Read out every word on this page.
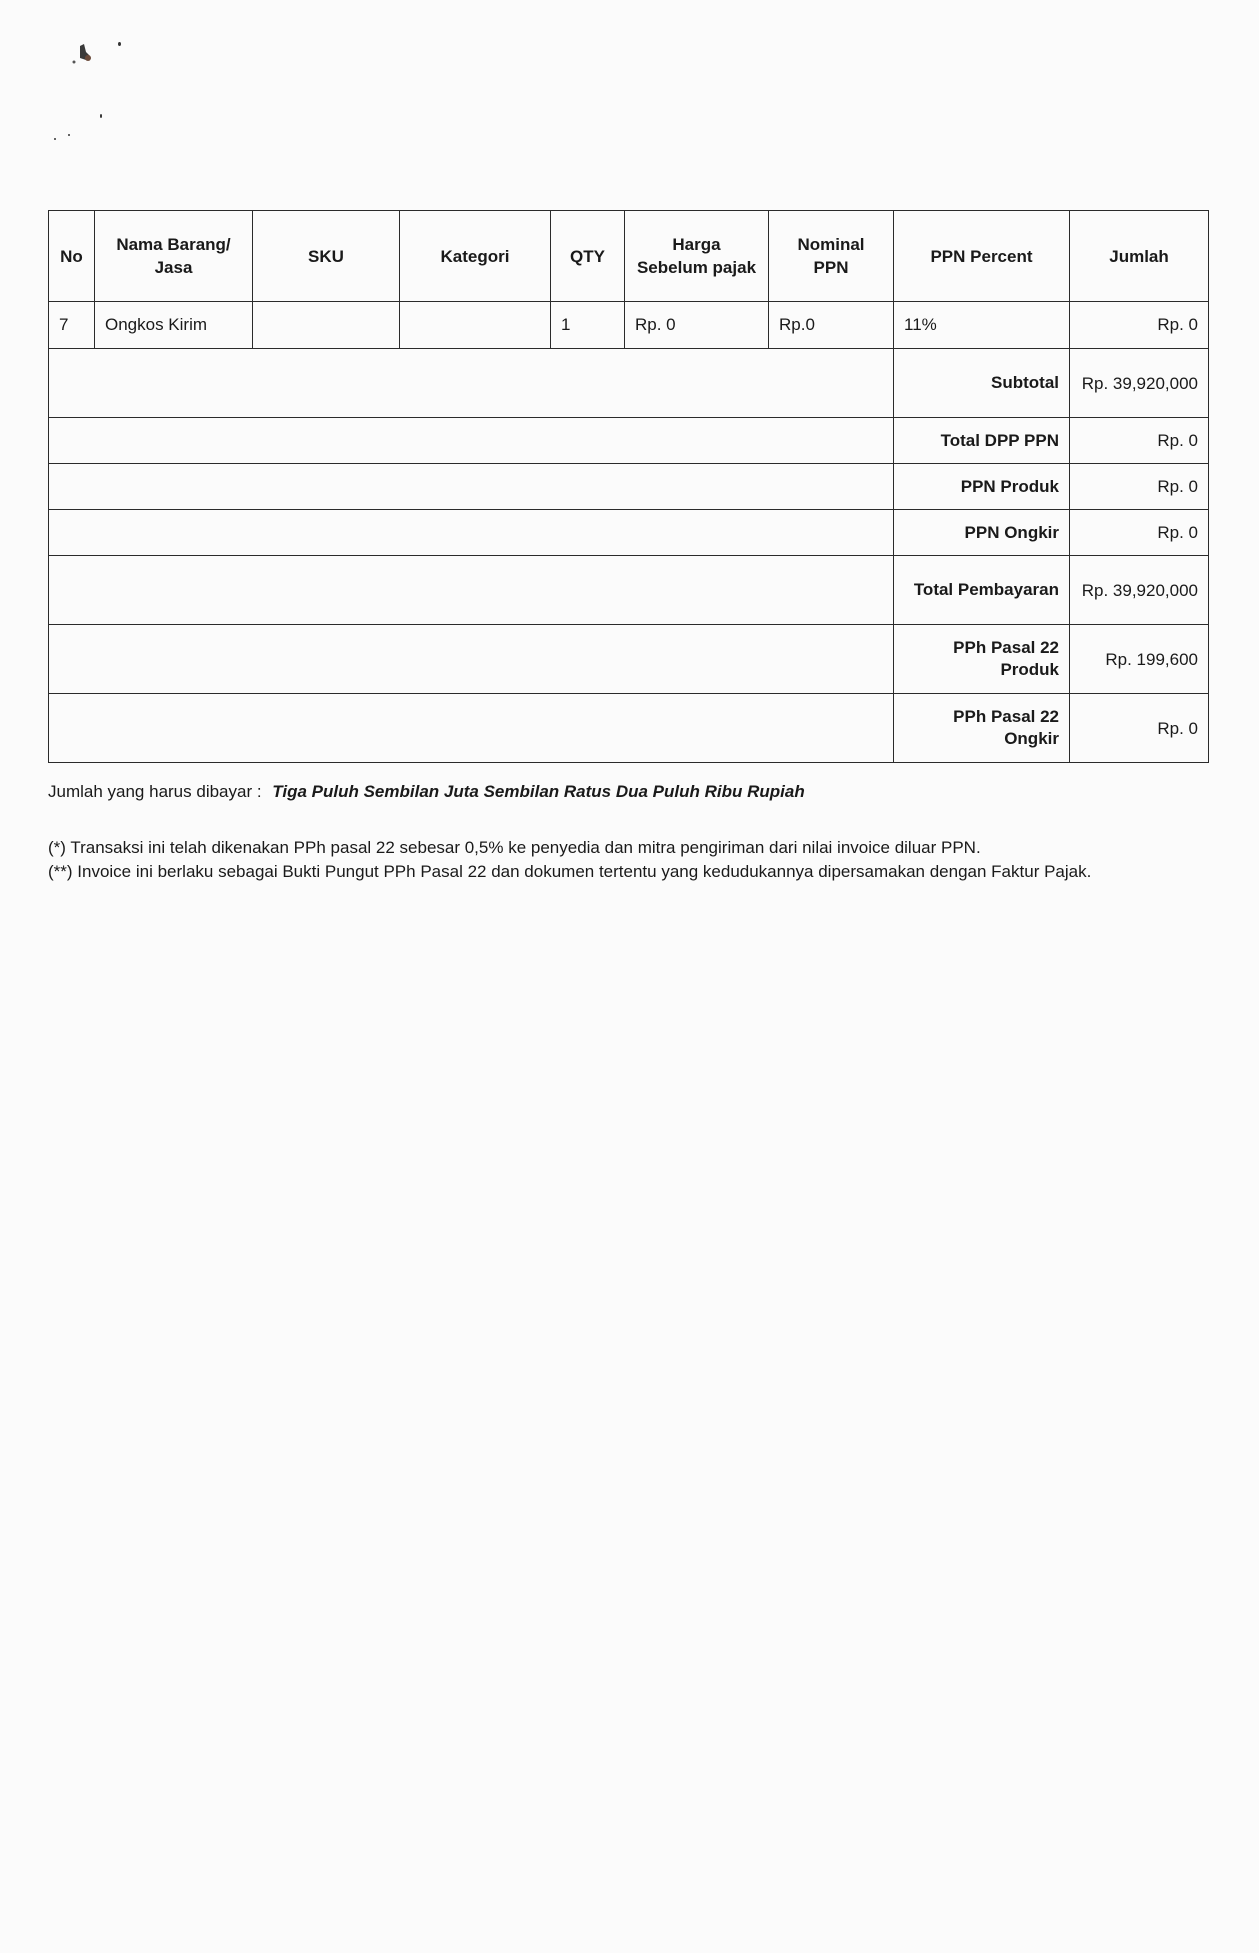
No	Nama Barang/ Jasa	SKU	Kategori	QTY	Harga Sebelum pajak	Nominal PPN	PPN Percent	Jumlah
7	Ongkos Kirim			1	Rp. 0	Rp.0	11%	Rp. 0
							Subtotal	Rp. 39,920,000
							Total DPP PPN	Rp. 0
							PPN Produk	Rp. 0
							PPN Ongkir	Rp. 0
							Total Pembayaran	Rp. 39,920,000
							PPh Pasal 22 Produk	Rp. 199,600
							PPh Pasal 22 Ongkir	Rp. 0
Jumlah yang harus dibayar : Tiga Puluh Sembilan Juta Sembilan Ratus Dua Puluh Ribu Rupiah

(*) Transaksi ini telah dikenakan PPh pasal 22 sebesar 0,5% ke penyedia dan mitra pengiriman dari nilai invoice diluar PPN.

(**) Invoice ini berlaku sebagai Bukti Pungut PPh Pasal 22 dan dokumen tertentu yang kedudukannya dipersamakan dengan Faktur Pajak.
